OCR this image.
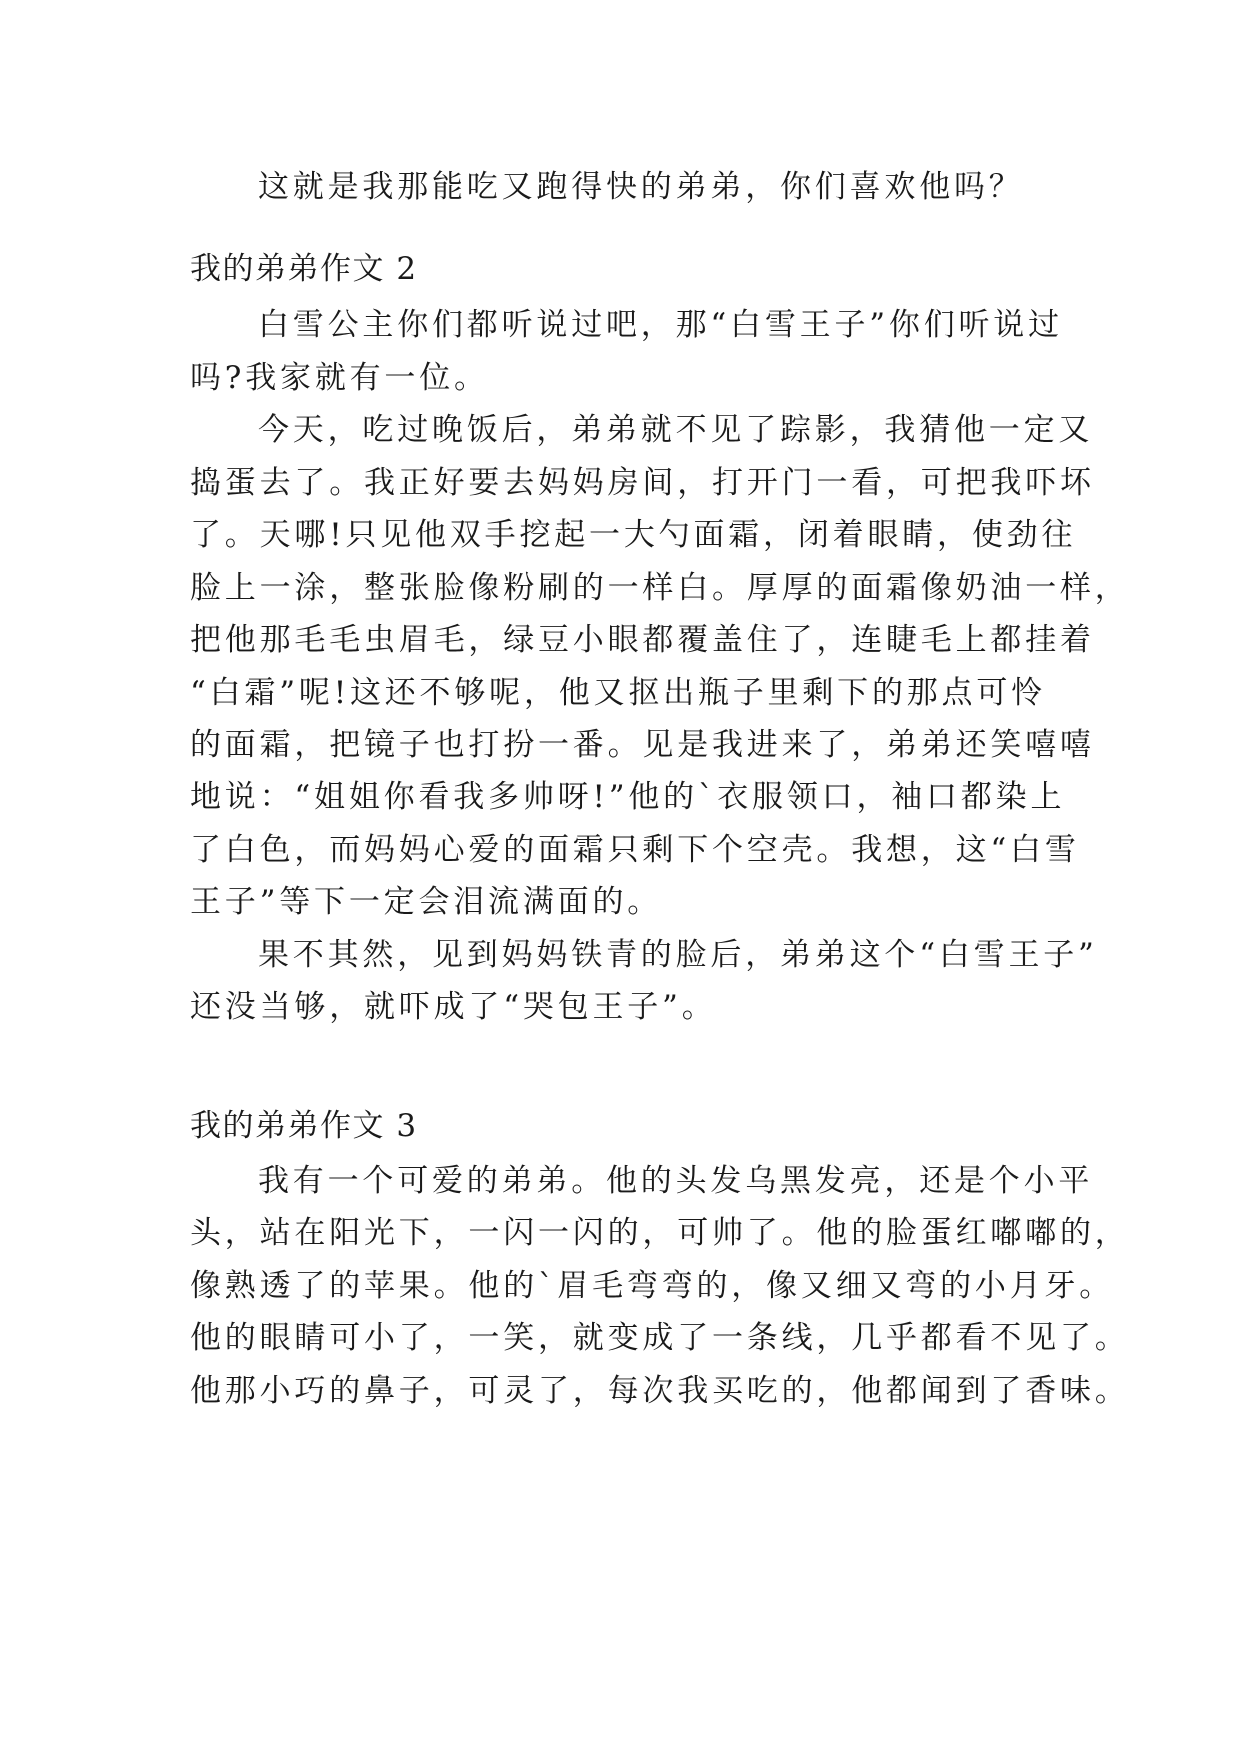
这就是我那能吃又跑得快的弟弟，你们喜欢他吗？
我的弟弟作文 2
白雪公主你们都听说过吧，那“白雪王子”你们听说过
吗?我家就有一位。
今天，吃过晚饭后，弟弟就不见了踪影，我猜他一定又
捣蛋去了。我正好要去妈妈房间，打开门一看，可把我吓坏
了。天哪!只见他双手挖起一大勺面霜，闭着眼睛，使劲往
脸上一涂，整张脸像粉刷的一样白。厚厚的面霜像奶油一样，
把他那毛毛虫眉毛，绿豆小眼都覆盖住了，连睫毛上都挂着
“白霜”呢!这还不够呢，他又抠出瓶子里剩下的那点可怜
的面霜，把镜子也打扮一番。见是我进来了，弟弟还笑嘻嘻
地说：“姐姐你看我多帅呀!”他的`衣服领口，袖口都染上
了白色，而妈妈心爱的面霜只剩下个空壳。我想，这“白雪
王子”等下一定会泪流满面的。
果不其然，见到妈妈铁青的脸后，弟弟这个“白雪王子”
还没当够，就吓成了“哭包王子”。
我的弟弟作文 3
我有一个可爱的弟弟。他的头发乌黑发亮，还是个小平
头，站在阳光下，一闪一闪的，可帅了。他的脸蛋红嘟嘟的，
像熟透了的苹果。他的`眉毛弯弯的，像又细又弯的小月牙。
他的眼睛可小了，一笑，就变成了一条线，几乎都看不见了。
他那小巧的鼻子，可灵了，每次我买吃的，他都闻到了香味。
